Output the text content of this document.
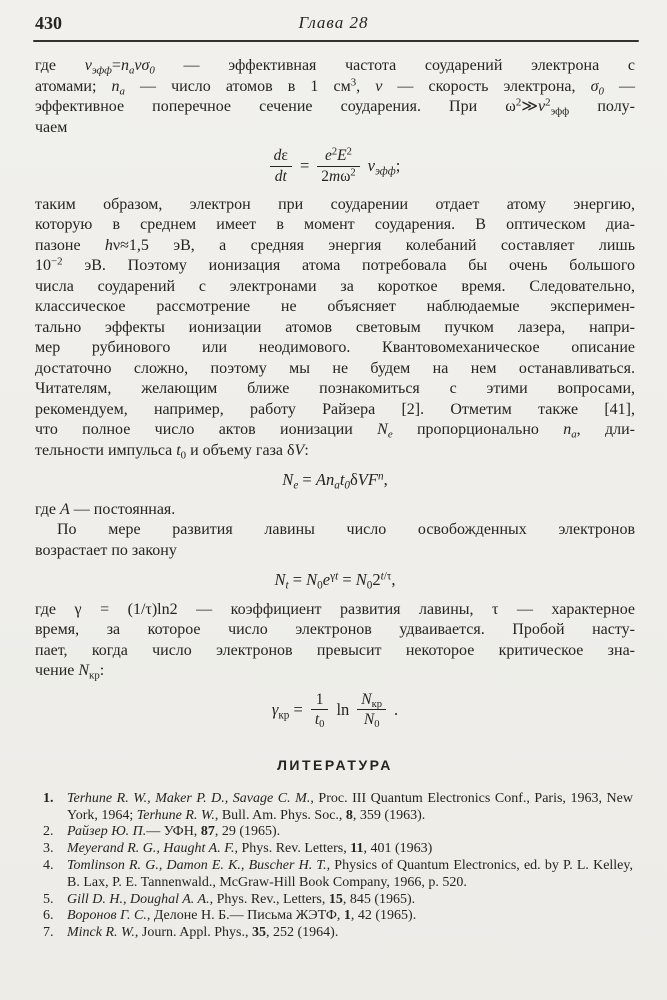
430	Глава 28
где $\nu_{эфф}=n_av\sigma_0$ — эффективная частота соударений электрона с
атомами; $n_a$ — число атомов в 1 $см^3$, v — скорость электрона, $\sigma_0$ —
эффективное поперечное сечение соударения. При $\omega^2≫\nu^2_{эфф}$ полу-
чаем
$\frac{d\varepsilon}{dt} = \frac{e^2E^2}{2m\omega^2} \nu_{эфф}$;
таким образом, электрон при соударении отдает атому энергию,
которую в среднем имеет в момент соударения. В оптическом диа-
пазоне hν≈1,5 эВ, а средняя энергия колебаний составляет лишь
$10^{-2}$ эВ. Поэтому ионизация атома потребовала бы очень большого
числа соударений с электронами за короткое время. Следовательно,
классическое рассмотрение не объясняет наблюдаемые эксперимен-
тально эффекты ионизации атомов световым пучком лазера, напри-
мер рубинового или неодимового. Квантовомеханическое описание
достаточно сложно, поэтому мы не будем на нем останавливаться.
Читателям, желающим ближе познакомиться с этими вопросами,
рекомендуем, например, работу Райзера [2]. Отметим также [41],
что полное число актов ионизации $N_e$ пропорционально $n_a$, дли-
тельности импульса $t_0$ и объему газа δV:
$N_e = An_at_0\delta VF^n$,
где A — постоянная.
По мере развития лавины число освобожденных электронов
возрастает по закону
$N_t = N_0e^{\gamma t} = N_02^{t/\tau}$,
где γ = (1/τ)ln2 — коэффициент развития лавины, τ — характерное
время, за которое число электронов удваивается. Пробой насту-
пает, когда число электронов превысит некоторое критическое зна-
чение $N_{кр}$:
$\gamma_{кр} = \frac{1}{t_0}$ $\ln \frac{N_{кр}}{N_0}$ .
ЛИТЕРАТУРА
1. Terhune R. W., Maker P. D., Savage C. M., Proc. III Quantum Electronics Conf., Paris, 1963, New York, 1964; Terhune R. W., Bull. Am. Phys. Soc., 8, 359 (1963).
2. Райзер Ю. П.— УФН, 87, 29 (1965).
3. Meyerand R. G., Haught A. F., Phys. Rev. Letters, 11, 401 (1963)
4. Tomlinson R. G., Damon E. K., Buscher H. T., Physics of Quantum Electronics, ed. by P. L. Kelley, B. Lax, P. E. Tannenwald., McGraw-Hill Book Company, 1966, p. 520.
5. Gill D. H., Doughal A. A., Phys. Rev., Letters, 15, 845 (1965).
6. Воронов Г. С., Делоне Н. Б.— Письма ЖЭТФ, 1, 42 (1965).
7. Minck R. W., Journ. Appl. Phys., 35, 252 (1964).
